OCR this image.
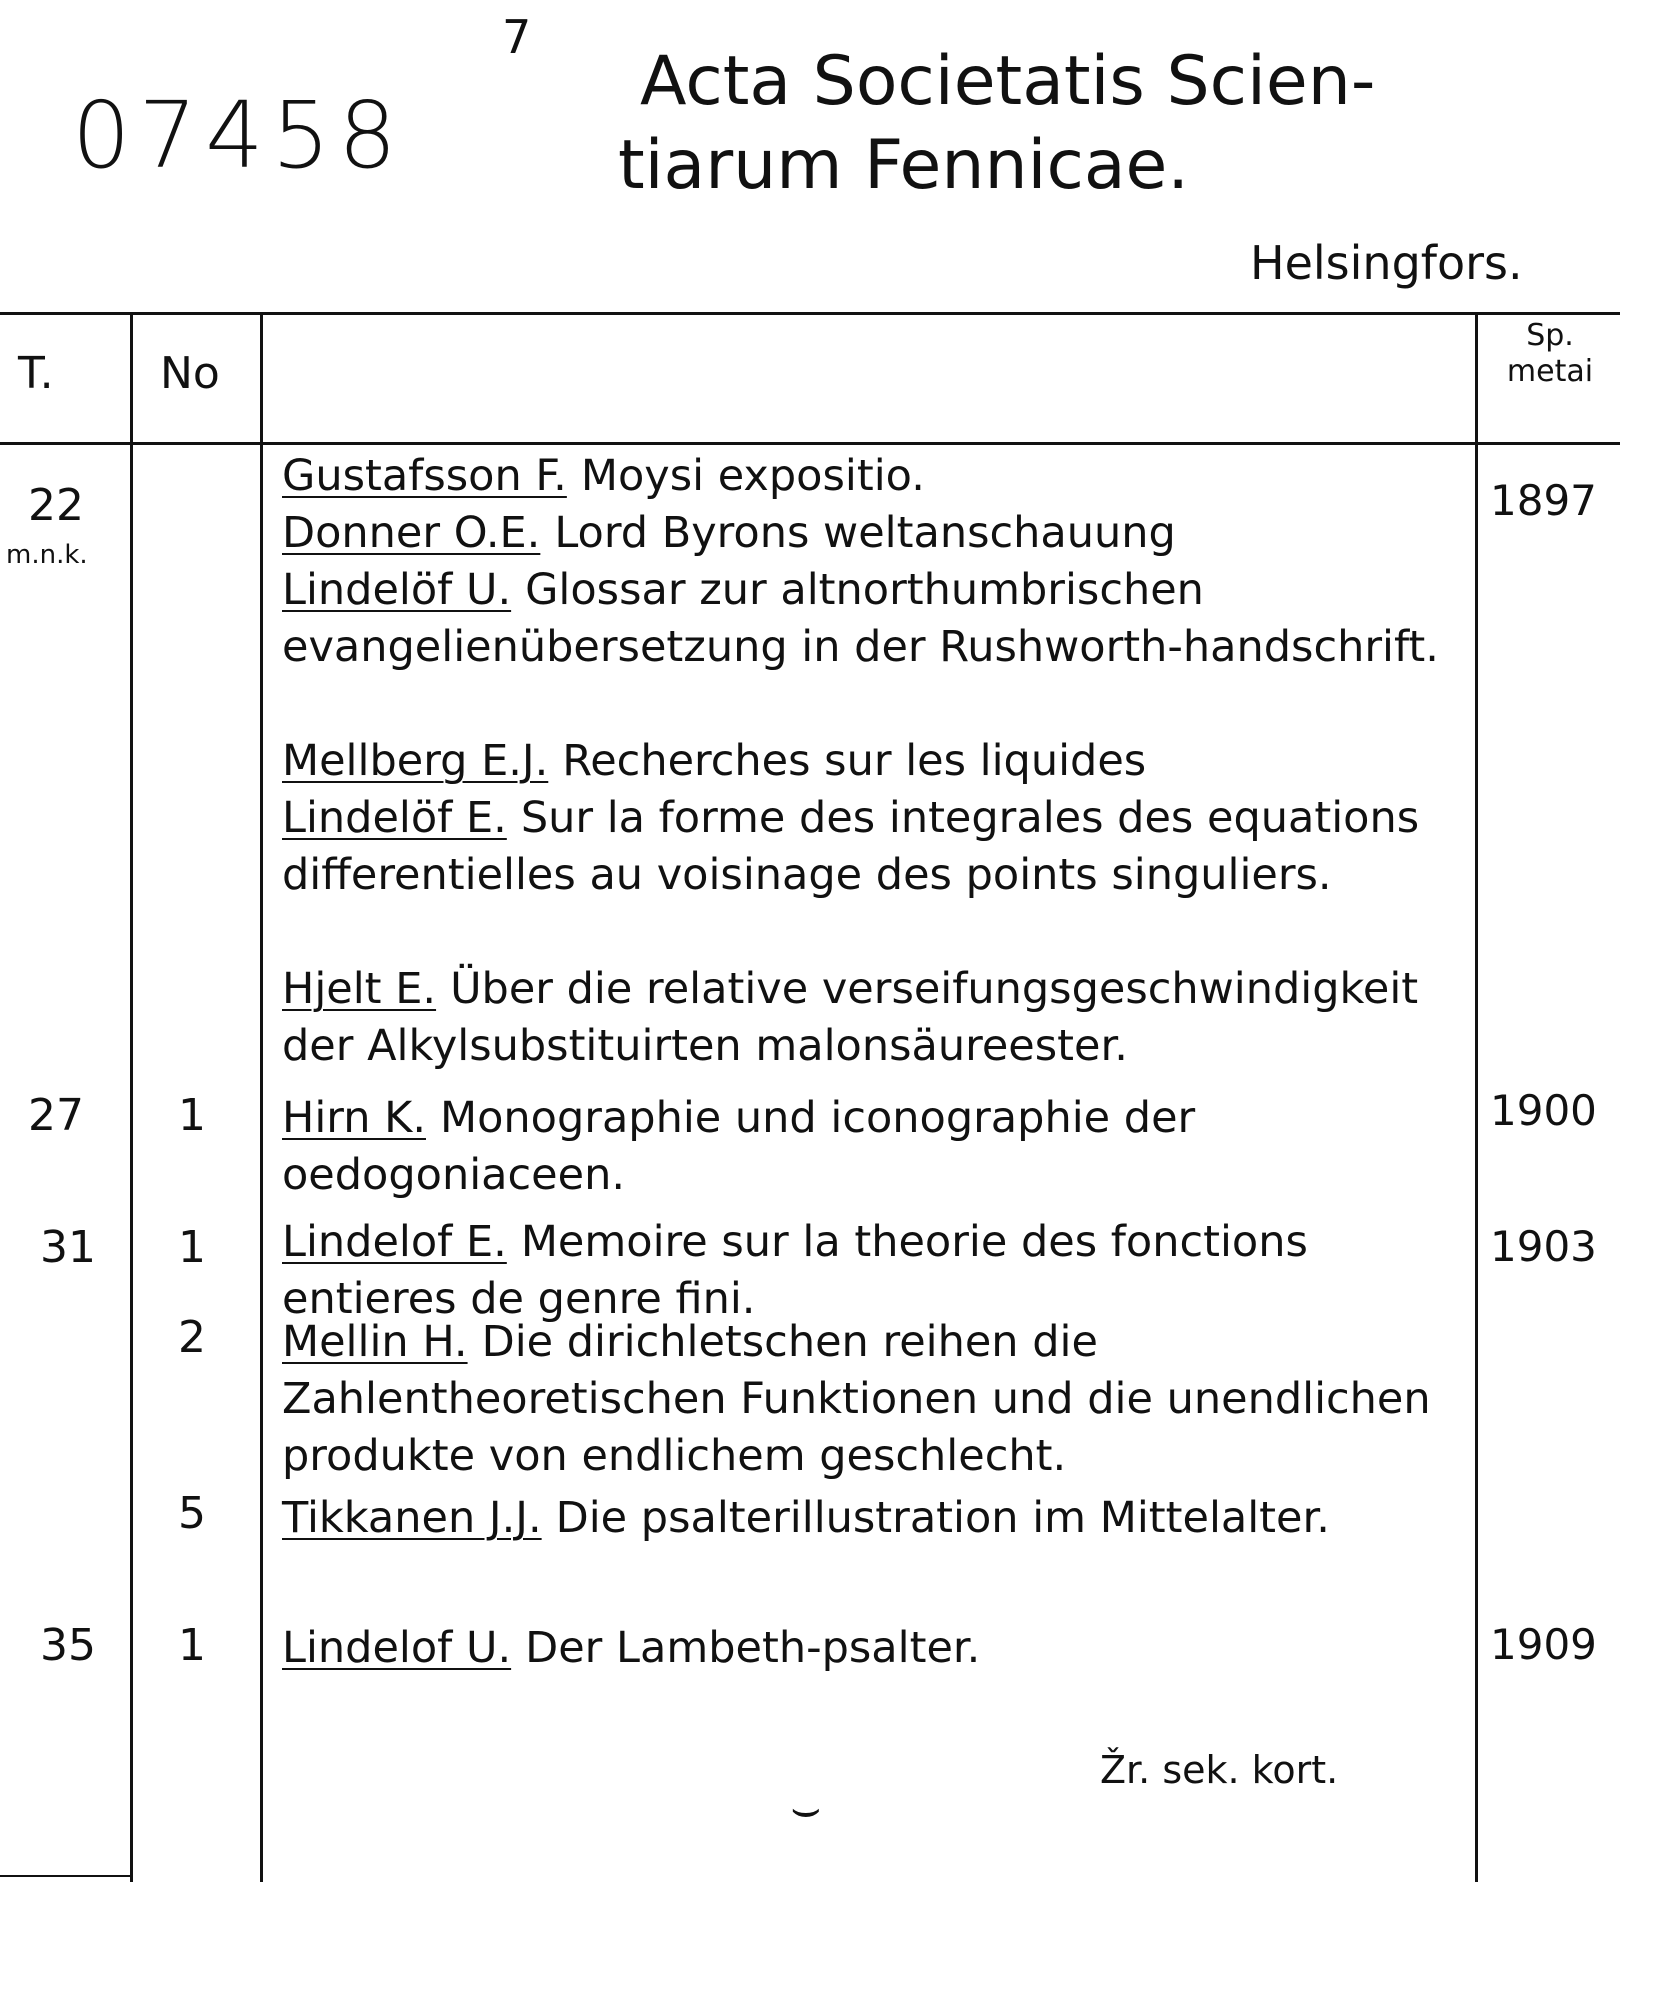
07458
7
Acta Societatis Scien-
tiarum Fennicae.
Helsingfors.
T. No
Sp.
metai
22
m.n.k.
27
31
35
1
1
2
5
1
1897
1900
1903
1909
Gustafsson F. Moysi expositio.
Donner O.E. Lord Byrons weltanschauung
Lindelöf U. Glossar zur altnorthumbrischen evangelienübersetzung in der Rushworth-handschrift.
Mellberg E.J. Recherches sur les liquides
Lindelöf E. Sur la forme des integrales des equations differentielles au voisinage des points singuliers.
Hjelt E. Über die relative verseifungsgeschwindigkeit der Alkylsubstituirten malonsäureester.
Hirn K. Monographie und iconographie der oedogoniaceen.
Lindelof E. Memoire sur la theorie des fonctions entieres de genre fini.
Mellin H. Die dirichletschen reihen die Zahlentheoretischen Funktionen und die unendlichen produkte von endlichem geschlecht.
Tikkanen J.J. Die psalterillustration im Mittelalter.
Lindelof U. Der Lambeth-psalter.
Žr. sek. kort.
⌣
